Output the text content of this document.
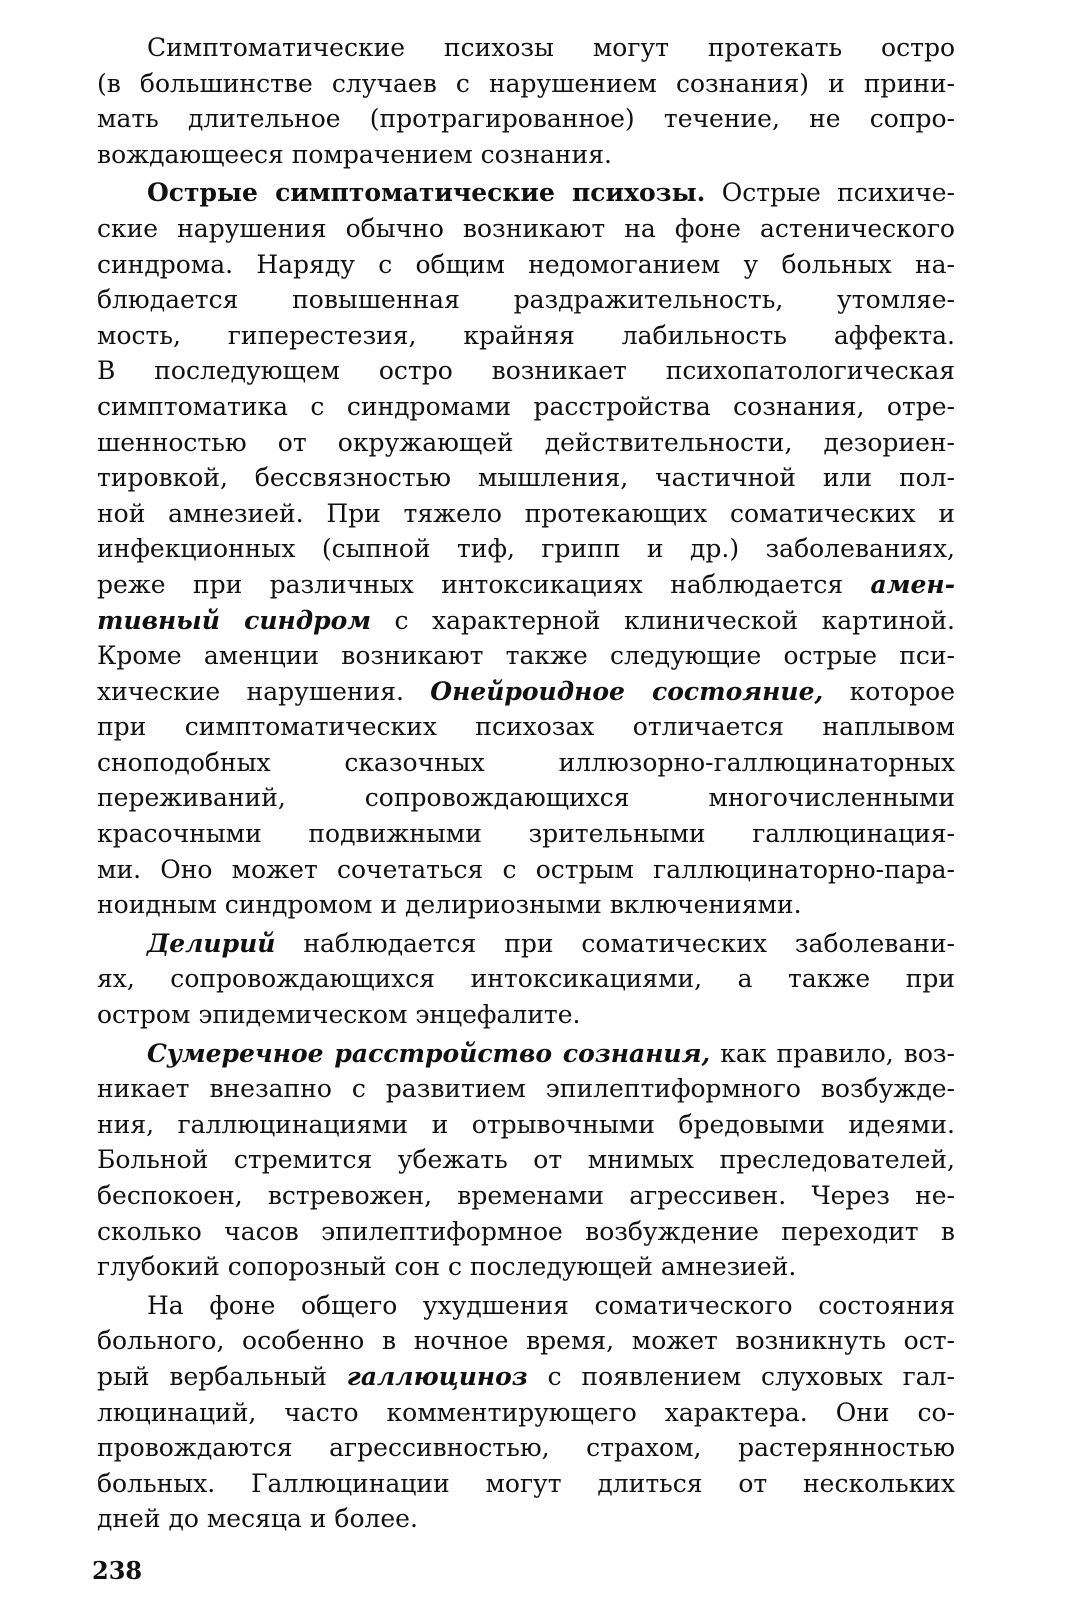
Симптоматические психозы могут протекать остро
(в большинстве случаев с нарушением сознания) и прини-
мать длительное (протрагированное) течение, не сопро-
вождающееся помрачением сознания.
Острые симптоматические психозы. Острые психиче-
ские нарушения обычно возникают на фоне астенического
синдрома. Наряду с общим недомоганием у больных на-
блюдается повышенная раздражительность, утомляе-
мость, гиперестезия, крайняя лабильность аффекта.
В последующем остро возникает психопатологическая
симптоматика с синдромами расстройства сознания, отре-
шенностью от окружающей действительности, дезориен-
тировкой, бессвязностью мышления, частичной или пол-
ной амнезией. При тяжело протекающих соматических и
инфекционных (сыпной тиф, грипп и др.) заболеваниях,
реже при различных интоксикациях наблюдается амен-
тивный синдром с характерной клинической картиной.
Кроме аменции возникают также следующие острые пси-
хические нарушения. Онейроидное состояние, которое
при симптоматических психозах отличается наплывом
сноподобных сказочных иллюзорно-галлюцинаторных
переживаний, сопровождающихся многочисленными
красочными подвижными зрительными галлюцинация-
ми. Оно может сочетаться с острым галлюцинаторно-пара-
ноидным синдромом и делириозными включениями.
Делирий наблюдается при соматических заболевани-
ях, сопровождающихся интоксикациями, а также при
остром эпидемическом энцефалите.
Сумеречное расстройство сознания, как правило, воз-
никает внезапно с развитием эпилептиформного возбужде-
ния, галлюцинациями и отрывочными бредовыми идеями.
Больной стремится убежать от мнимых преследователей,
беспокоен, встревожен, временами агрессивен. Через не-
сколько часов эпилептиформное возбуждение переходит в
глубокий сопорозный сон с последующей амнезией.
На фоне общего ухудшения соматического состояния
больного, особенно в ночное время, может возникнуть ост-
рый вербальный галлюциноз с появлением слуховых гал-
люцинаций, часто комментирующего характера. Они со-
провождаются агрессивностью, страхом, растерянностью
больных. Галлюцинации могут длиться от нескольких
дней до месяца и более.

238
